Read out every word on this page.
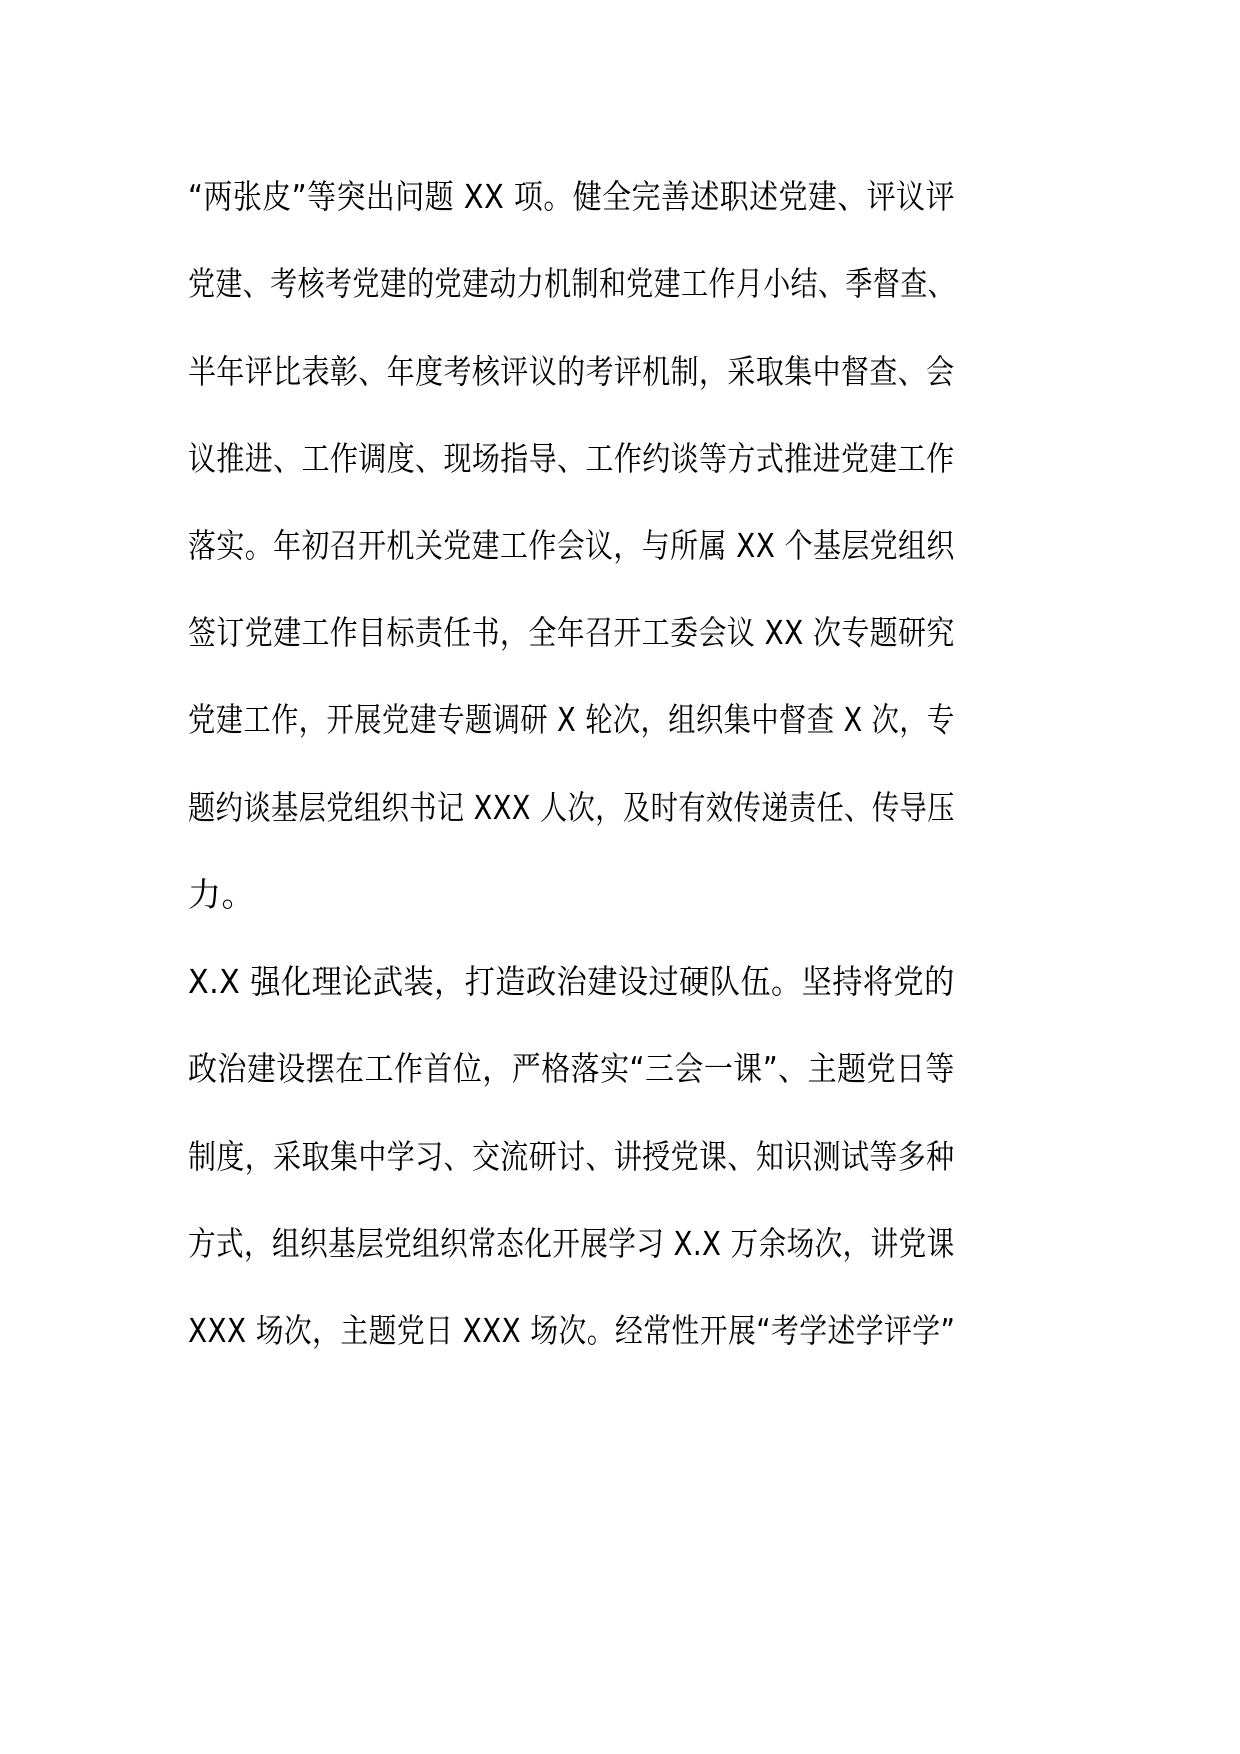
“两张皮”等突出问题 XX 项。健全完善述职述党建、评议评
党建、考核考党建的党建动力机制和党建工作月小结、季督查、
半年评比表彰、年度考核评议的考评机制，采取集中督查、会
议推进、工作调度、现场指导、工作约谈等方式推进党建工作
落实。年初召开机关党建工作会议，与所属 XX 个基层党组织
签订党建工作目标责任书，全年召开工委会议 XX 次专题研究
党建工作，开展党建专题调研 X 轮次，组织集中督查 X 次，专
题约谈基层党组织书记 XXX 人次，及时有效传递责任、传导压
力。
X.X 强化理论武装，打造政治建设过硬队伍。坚持将党的
政治建设摆在工作首位，严格落实“三会一课”、主题党日等
制度，采取集中学习、交流研讨、讲授党课、知识测试等多种
方式，组织基层党组织常态化开展学习 X.X 万余场次，讲党课
XXX 场次，主题党日 XXX 场次。经常性开展“考学述学评学”
